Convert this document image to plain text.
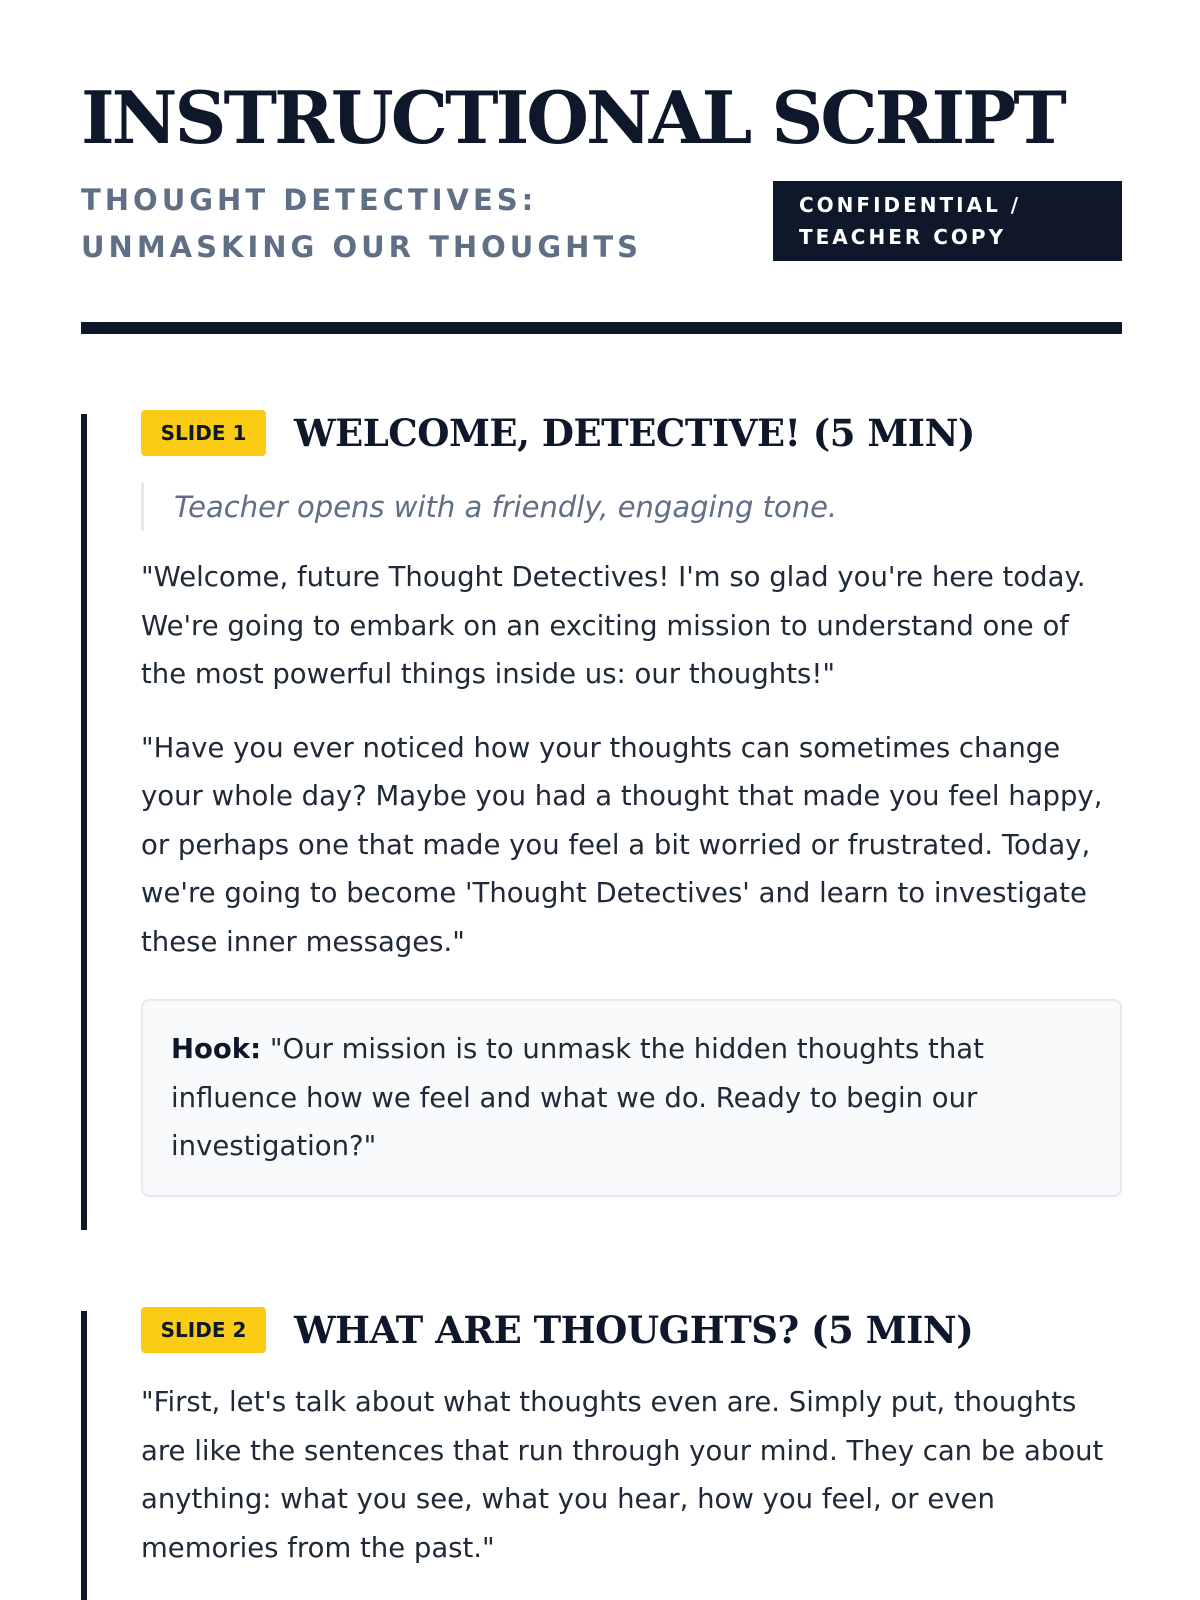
INSTRUCTIONAL SCRIPT
THOUGHT DETECTIVES: UNMASKING OUR THOUGHTS
CONFIDENTIAL / TEACHER COPY
SLIDE 1	WELCOME, DETECTIVE! (5 MIN)

Teacher opens with a friendly, engaging tone.

"Welcome, future Thought Detectives! I'm so glad you're here today. We're going to embark on an exciting mission to understand one of the most powerful things inside us: our thoughts!"

"Have you ever noticed how your thoughts can sometimes change your whole day? Maybe you had a thought that made you feel happy, or perhaps one that made you feel a bit worried or frustrated. Today, we're going to become 'Thought Detectives' and learn to investigate these inner messages."

Hook: "Our mission is to unmask the hidden thoughts that influence how we feel and what we do. Ready to begin our investigation?"
SLIDE 2	WHAT ARE THOUGHTS? (5 MIN)

"First, let's talk about what thoughts even are. Simply put, thoughts are like the sentences that run through your mind. They can be about anything: what you see, what you hear, how you feel, or even memories from the past."
